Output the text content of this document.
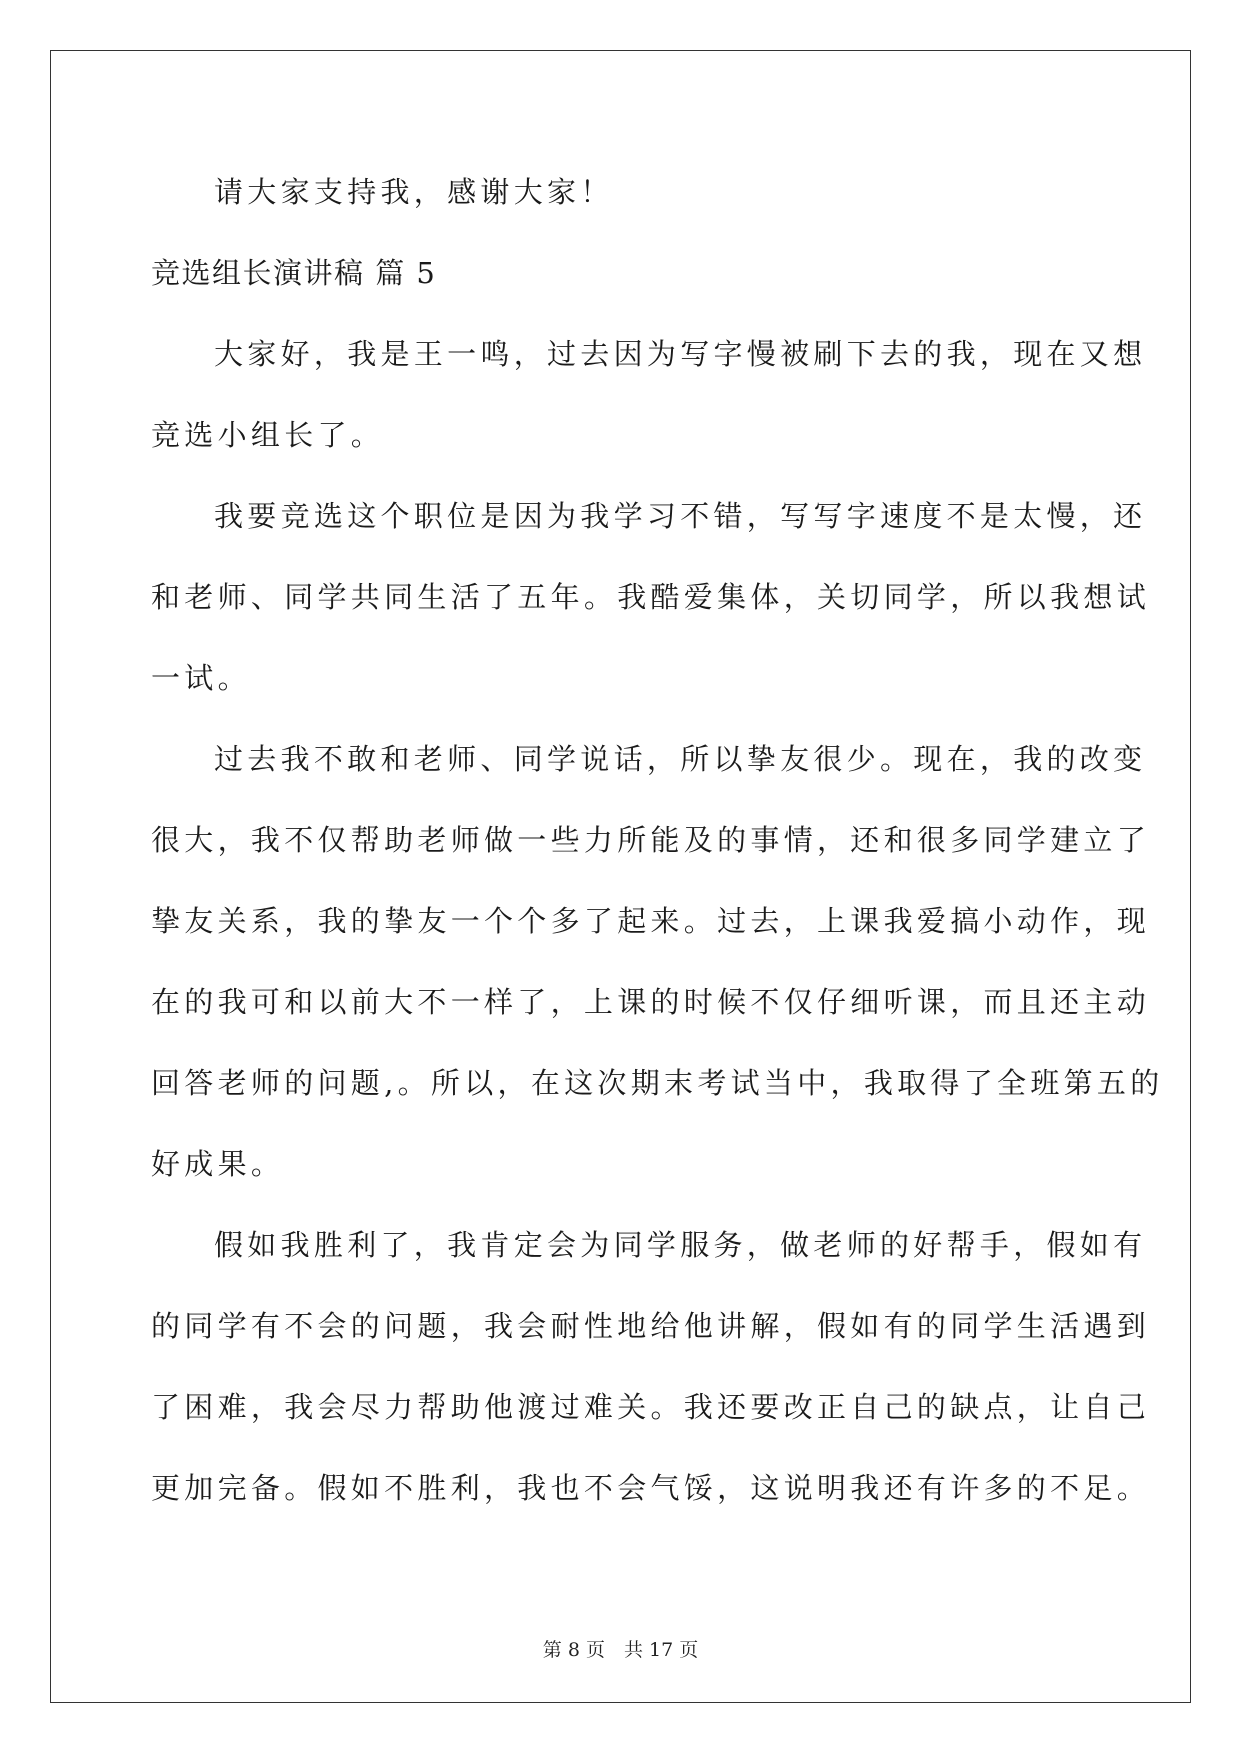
请大家支持我，感谢大家！

竞选组长演讲稿 篇 5

大家好，我是王一鸣，过去因为写字慢被刷下去的我，现在又想

竞选小组长了。

我要竞选这个职位是因为我学习不错，写写字速度不是太慢，还

和老师、同学共同生活了五年。我酷爱集体，关切同学，所以我想试

一试。

过去我不敢和老师、同学说话，所以挚友很少。现在，我的改变

很大，我不仅帮助老师做一些力所能及的事情，还和很多同学建立了

挚友关系，我的挚友一个个多了起来。过去，上课我爱搞小动作，现

在的我可和以前大不一样了，上课的时候不仅仔细听课，而且还主动

回答老师的问题,。所以，在这次期末考试当中，我取得了全班第五的

好成果。

假如我胜利了，我肯定会为同学服务，做老师的好帮手，假如有

的同学有不会的问题，我会耐性地给他讲解，假如有的同学生活遇到

了困难，我会尽力帮助他渡过难关。我还要改正自己的缺点，让自己

更加完备。假如不胜利，我也不会气馁，这说明我还有许多的不足。

第 8 页　共 17 页
